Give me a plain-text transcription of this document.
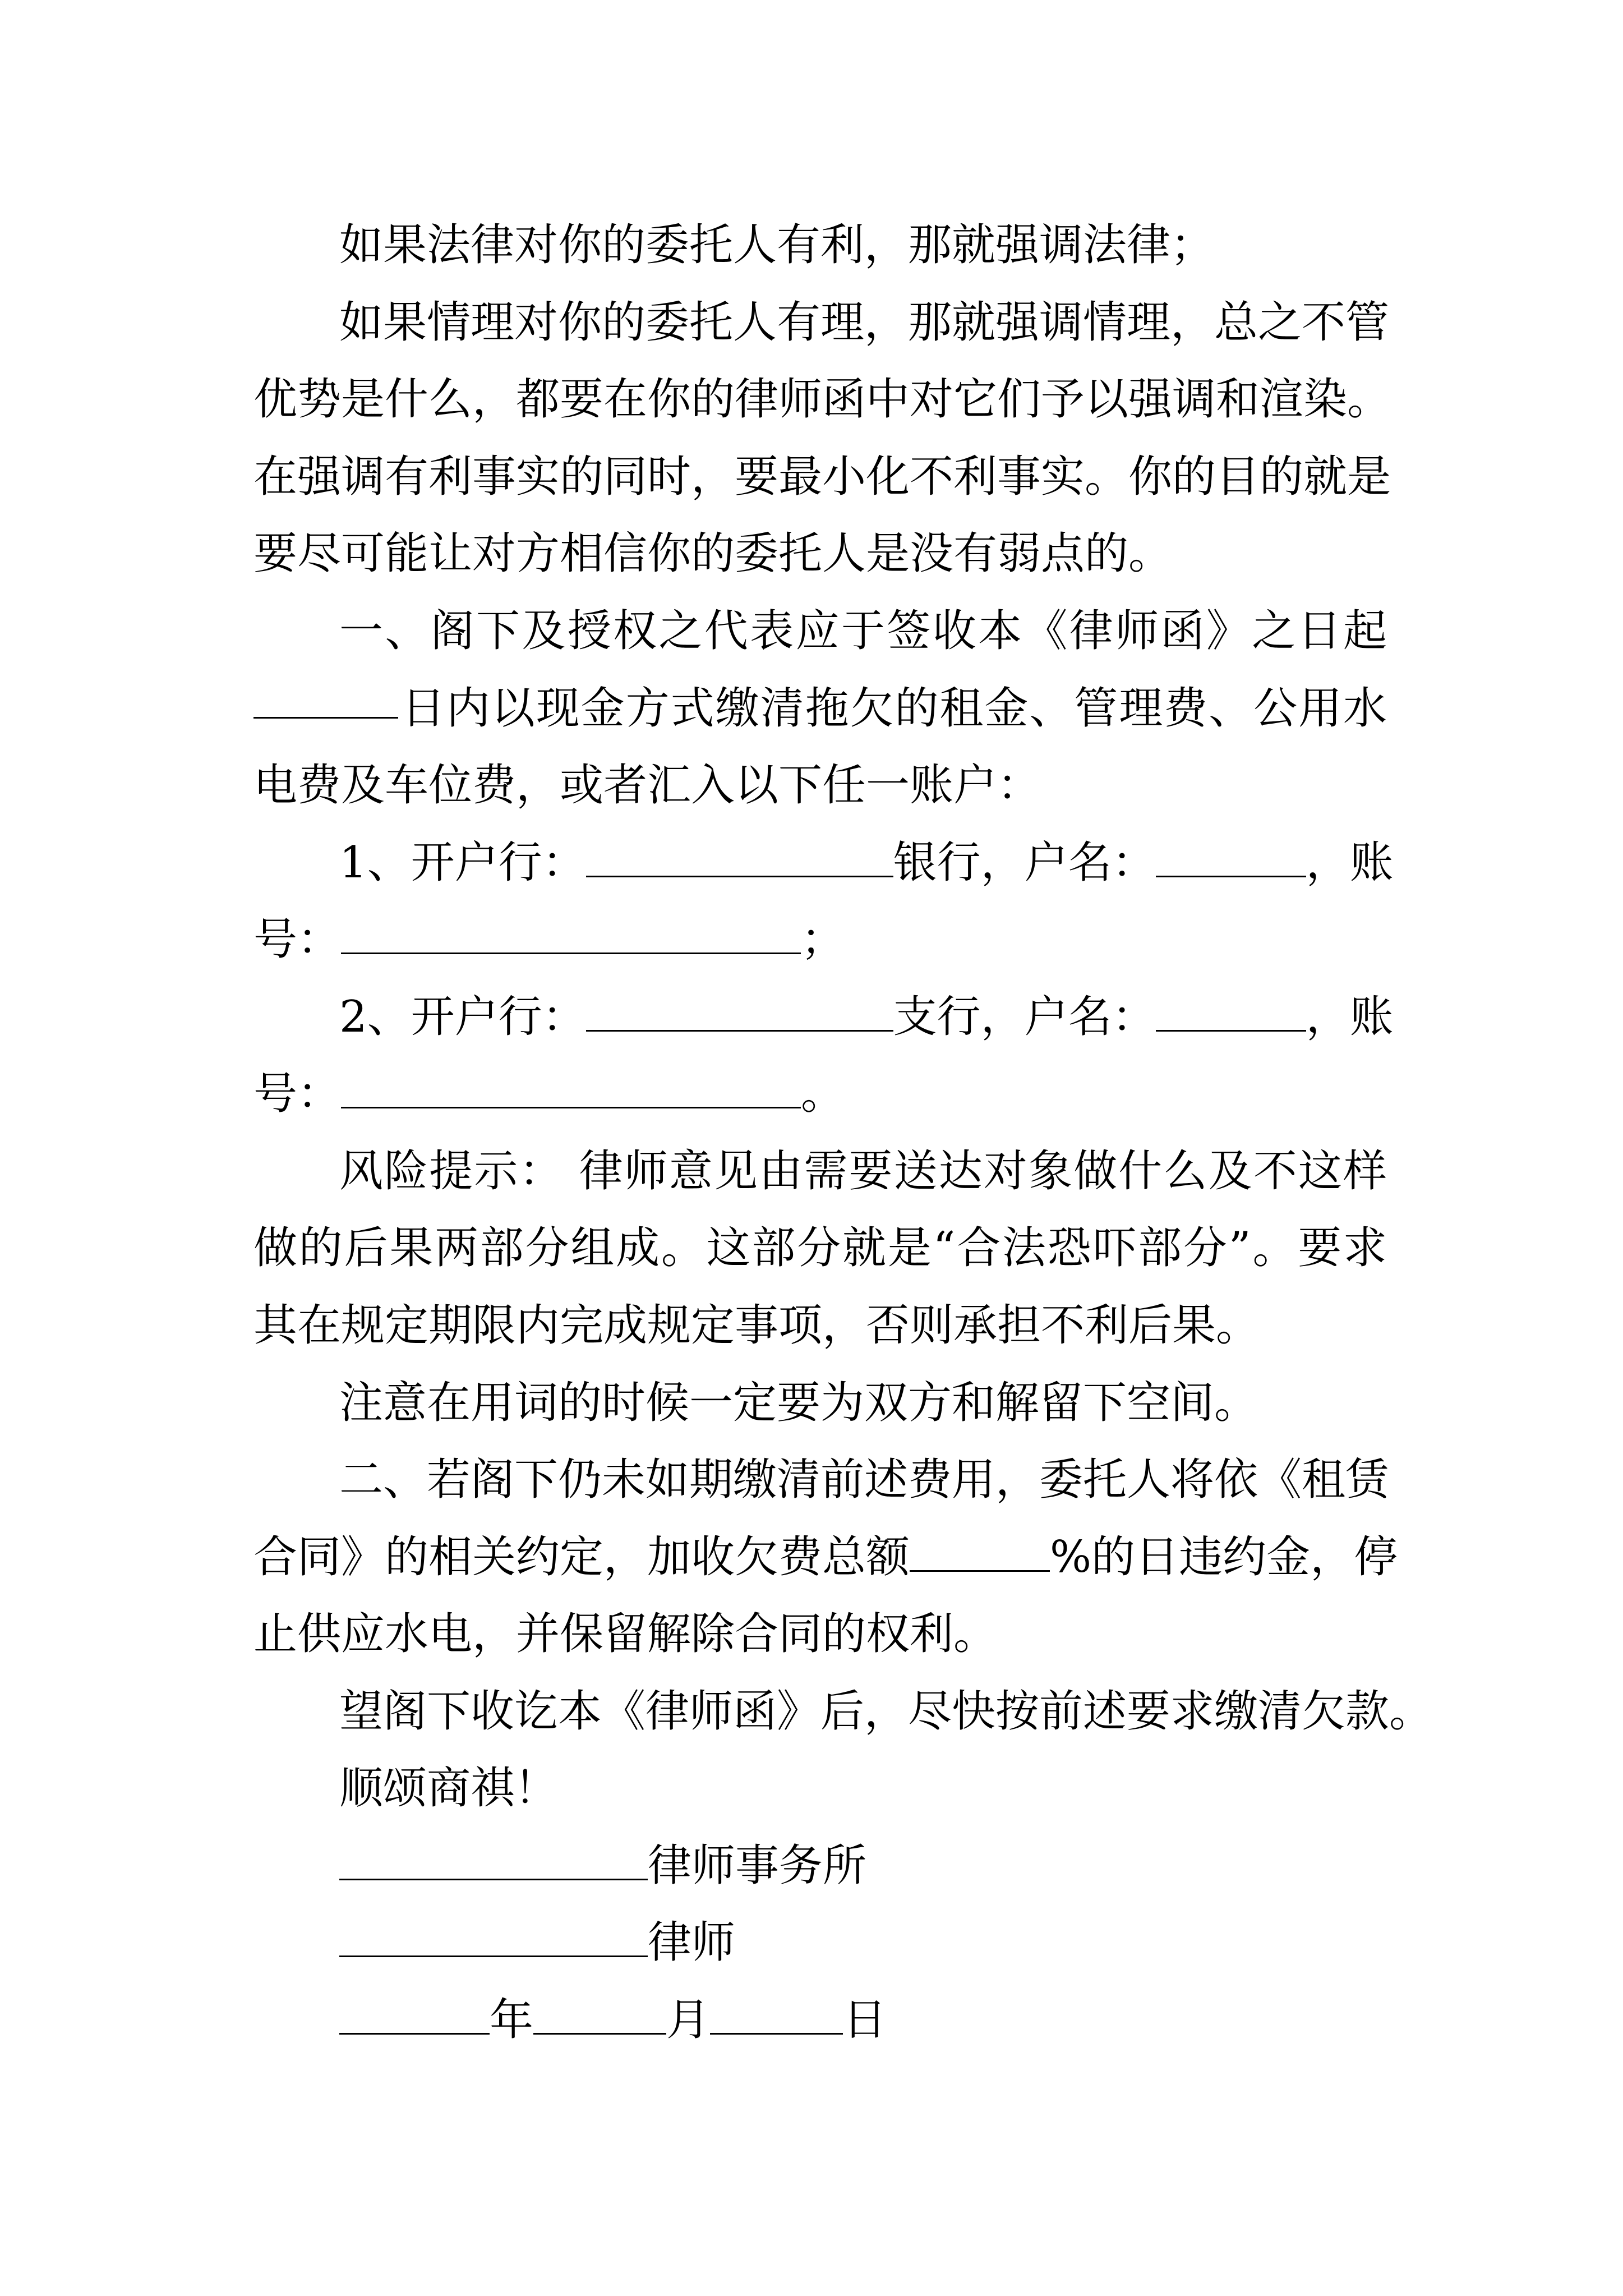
如果法律对你的委托人有利，那就强调法律；
如果情理对你的委托人有理，那就强调情理，总之不管
优势是什么，都要在你的律师函中对它们予以强调和渲染。
在强调有利事实的同时，要最小化不利事实。你的目的就是
要尽可能让对方相信你的委托人是没有弱点的。
一、阁下及授权之代表应于签收本《律师函》之日起
日内以现金方式缴清拖欠的租金、管理费、公用水
电费及车位费，或者汇入以下任一账户：
1、开户行：	银行，户名：	，账
号：	；
2、开户行：	支行，户名：	，账
号：	。
风险提示： 律师意见由需要送达对象做什么及不这样
做的后果两部分组成。这部分就是“合法恐吓部分”。要求
其在规定期限内完成规定事项，否则承担不利后果。
注意在用词的时候一定要为双方和解留下空间。
二、若阁下仍未如期缴清前述费用，委托人将依《租赁
合同》的相关约定，加收欠费总额	%的日违约金，停
止供应水电，并保留解除合同的权利。
望阁下收讫本《律师函》后，尽快按前述要求缴清欠款。
顺颂商祺！
律师事务所
律师
年	月	日
